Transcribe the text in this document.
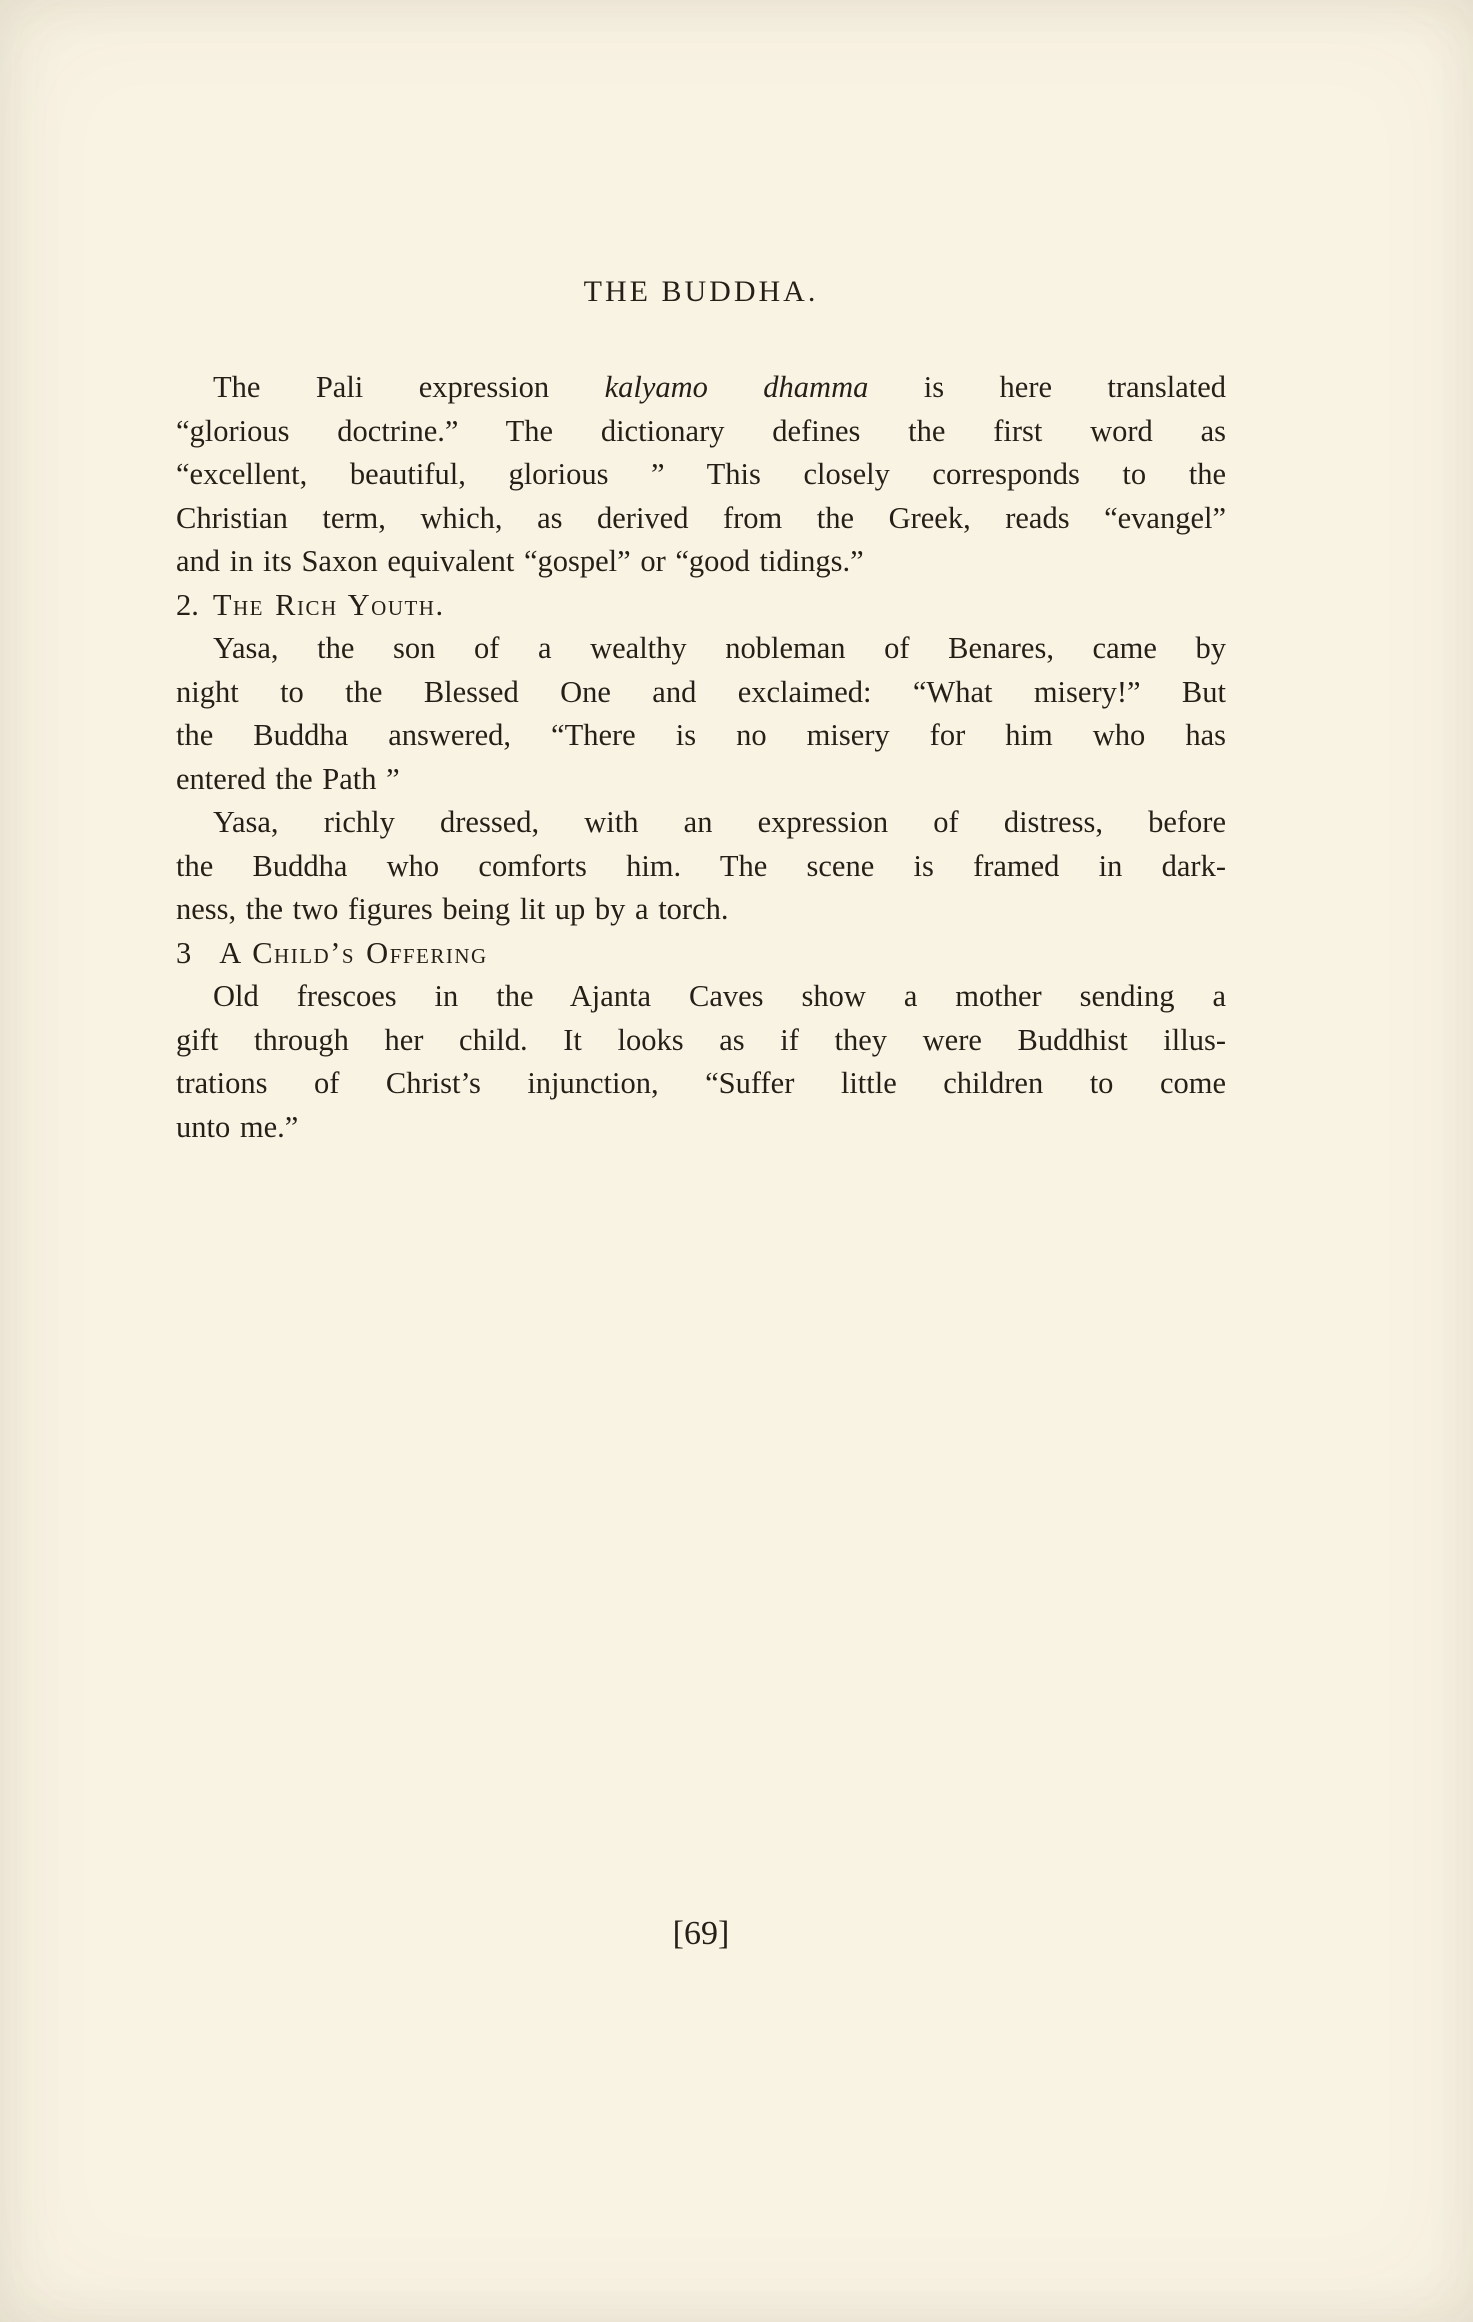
THE BUDDHA.
The Pali expression kalyamo dhamma is here translated
“glorious doctrine.” The dictionary defines the first word as
“excellent, beautiful, glorious ” This closely corresponds to the
Christian term, which, as derived from the Greek, reads “evangel”
and in its Saxon equivalent “gospel” or “good tidings.”
2. The Rich Youth.
Yasa, the son of a wealthy nobleman of Benares, came by
night to the Blessed One and exclaimed: “What misery!” But
the Buddha answered, “There is no misery for him who has
entered the Path ”
Yasa, richly dressed, with an expression of distress, before
the Buddha who comforts him. The scene is framed in dark-
ness, the two figures being lit up by a torch.
3 A Child’s Offering
Old frescoes in the Ajanta Caves show a mother sending a
gift through her child. It looks as if they were Buddhist illus-
trations of Christ’s injunction, “Suffer little children to come
unto me.”
[69]
